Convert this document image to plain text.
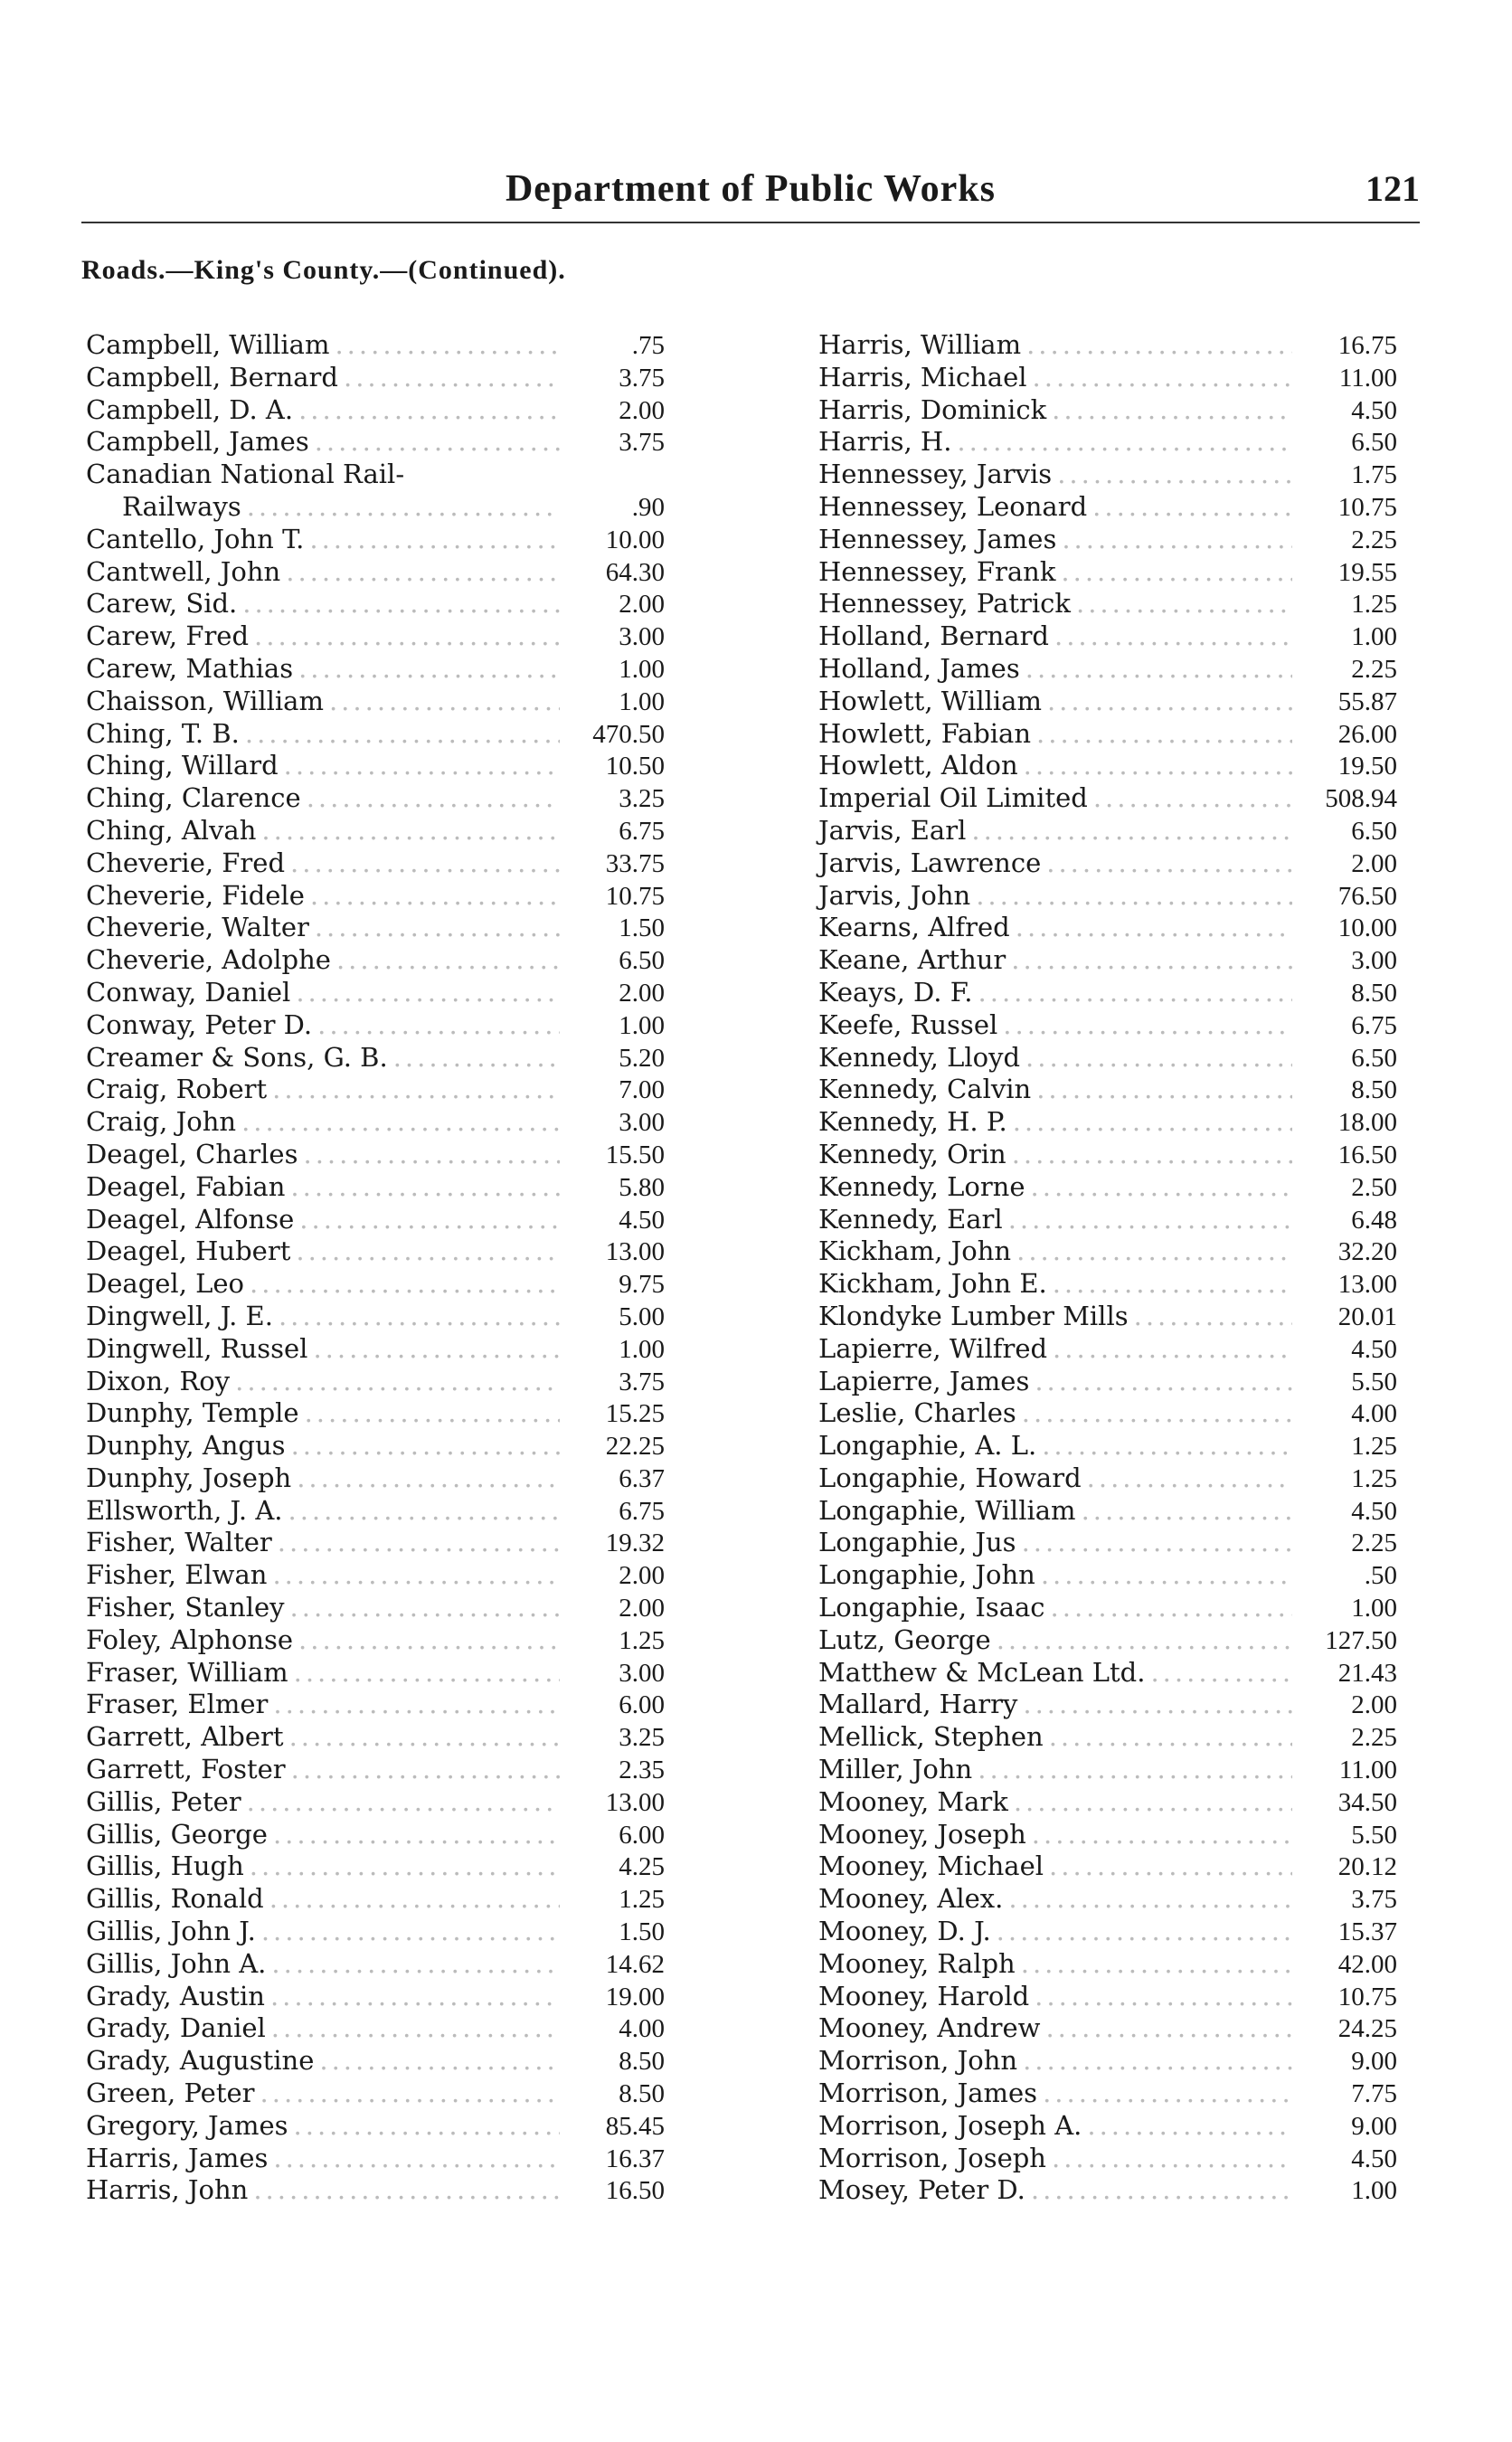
Department of Public Works	121
Roads.—King's County.—(Continued).
Campbell, William .....	.75
Campbell, Bernard .....	3.75
Campbell, D. A. .....	2.00
Campbell, James .....	3.75
Canadian National Rail-
Railways .....	.90
Cantello, John T. .....	10.00
Cantwell, John .....	64.30
Carew, Sid. .....	2.00
Carew, Fred .....	3.00
Carew, Mathias .....	1.00
Chaisson, William .....	1.00
Ching, T. B. .....	470.50
Ching, Willard .....	10.50
Ching, Clarence .....	3.25
Ching, Alvah .....	6.75
Cheverie, Fred .....	33.75
Cheverie, Fidele .....	10.75
Cheverie, Walter .....	1.50
Cheverie, Adolphe .....	6.50
Conway, Daniel .....	2.00
Conway, Peter D. .....	1.00
Creamer & Sons, G. B. .....	5.20
Craig, Robert .....	7.00
Craig, John .....	3.00
Deagel, Charles .....	15.50
Deagel, Fabian .....	5.80
Deagel, Alfonse .....	4.50
Deagel, Hubert .....	13.00
Deagel, Leo .....	9.75
Dingwell, J. E. .....	5.00
Dingwell, Russel .....	1.00
Dixon, Roy .....	3.75
Dunphy, Temple .....	15.25
Dunphy, Angus .....	22.25
Dunphy, Joseph .....	6.37
Ellsworth, J. A. .....	6.75
Fisher, Walter .....	19.32
Fisher, Elwan .....	2.00
Fisher, Stanley .....	2.00
Foley, Alphonse .....	1.25
Fraser, William .....	3.00
Fraser, Elmer .....	6.00
Garrett, Albert .....	3.25
Garrett, Foster .....	2.35
Gillis, Peter .....	13.00
Gillis, George .....	6.00
Gillis, Hugh .....	4.25
Gillis, Ronald .....	1.25
Gillis, John J. .....	1.50
Gillis, John A. .....	14.62
Grady, Austin .....	19.00
Grady, Daniel .....	4.00
Grady, Augustine .....	8.50
Green, Peter .....	8.50
Gregory, James .....	85.45
Harris, James .....	16.37
Harris, John .....	16.50
Harris, William .....	16.75
Harris, Michael .....	11.00
Harris, Dominick .....	4.50
Harris, H. .....	6.50
Hennessey, Jarvis .....	1.75
Hennessey, Leonard .....	10.75
Hennessey, James .....	2.25
Hennessey, Frank .....	19.55
Hennessey, Patrick .....	1.25
Holland, Bernard .....	1.00
Holland, James .....	2.25
Howlett, William .....	55.87
Howlett, Fabian .....	26.00
Howlett, Aldon .....	19.50
Imperial Oil Limited .....	508.94
Jarvis, Earl .....	6.50
Jarvis, Lawrence .....	2.00
Jarvis, John .....	76.50
Kearns, Alfred .....	10.00
Keane, Arthur .....	3.00
Keays, D. F. .....	8.50
Keefe, Russel .....	6.75
Kennedy, Lloyd .....	6.50
Kennedy, Calvin .....	8.50
Kennedy, H. P. .....	18.00
Kennedy, Orin .....	16.50
Kennedy, Lorne .....	2.50
Kennedy, Earl .....	6.48
Kickham, John .....	32.20
Kickham, John E. .....	13.00
Klondyke Lumber Mills .....	20.01
Lapierre, Wilfred .....	4.50
Lapierre, James .....	5.50
Leslie, Charles .....	4.00
Longaphie, A. L. .....	1.25
Longaphie, Howard .....	1.25
Longaphie, William .....	4.50
Longaphie, Jus .....	2.25
Longaphie, John .....	.50
Longaphie, Isaac .....	1.00
Lutz, George .....	127.50
Matthew & McLean Ltd. .....	21.43
Mallard, Harry .....	2.00
Mellick, Stephen .....	2.25
Miller, John .....	11.00
Mooney, Mark .....	34.50
Mooney, Joseph .....	5.50
Mooney, Michael .....	20.12
Mooney, Alex. .....	3.75
Mooney, D. J. .....	15.37
Mooney, Ralph .....	42.00
Mooney, Harold .....	10.75
Mooney, Andrew .....	24.25
Morrison, John .....	9.00
Morrison, James .....	7.75
Morrison, Joseph A. .....	9.00
Morrison, Joseph .....	4.50
Mosey, Peter D. .....	1.00
